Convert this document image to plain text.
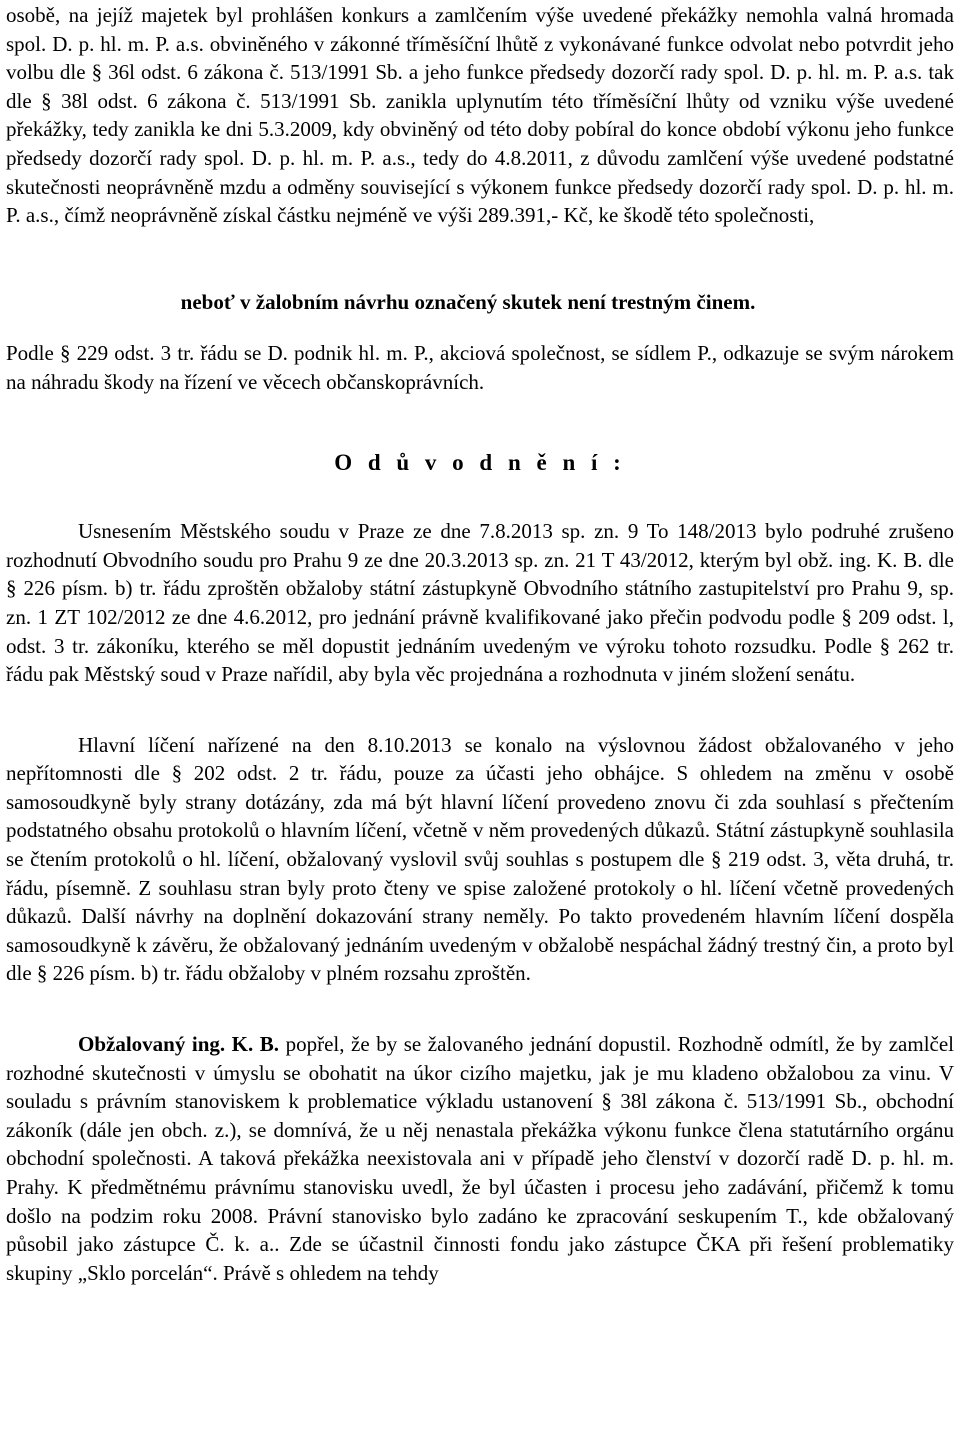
osobě, na jejíž majetek byl prohlášen konkurs a zamlčením výše uvedené překážky nemohla valná hromada spol. D. p. hl. m. P. a.s. obviněného v zákonné tříměsíční lhůtě z vykonávané funkce odvolat nebo potvrdit jeho volbu dle § 36l odst. 6 zákona č. 513/1991 Sb. a jeho funkce předsedy dozorčí rady spol. D. p. hl. m. P. a.s. tak dle § 38l odst. 6 zákona č. 513/1991 Sb. zanikla uplynutím této tříměsíční lhůty od vzniku výše uvedené překážky, tedy zanikla ke dni 5.3.2009, kdy obviněný od této doby pobíral do konce období výkonu jeho funkce předsedy dozorčí rady spol. D. p. hl. m. P. a.s., tedy do 4.8.2011, z důvodu zamlčení výše uvedené podstatné skutečnosti neoprávněně mzdu a odměny související s výkonem funkce předsedy dozorčí rady spol. D. p. hl. m. P. a.s., čímž neoprávněně získal částku nejméně ve výši 289.391,- Kč, ke škodě této společnosti,

neboť v žalobním návrhu označený skutek není trestným činem.

Podle § 229 odst. 3 tr. řádu se D. podnik hl. m. P., akciová společnost, se sídlem P., odkazuje se svým nárokem na náhradu škody na řízení ve věcech občanskoprávních.

O d ů v o d n ě n í :

Usnesením Městského soudu v Praze ze dne 7.8.2013 sp. zn. 9 To 148/2013 bylo podruhé zrušeno rozhodnutí Obvodního soudu pro Prahu 9 ze dne 20.3.2013 sp. zn. 21 T 43/2012, kterým byl obž. ing. K. B. dle § 226 písm. b) tr. řádu zproštěn obžaloby státní zástupkyně Obvodního státního zastupitelství pro Prahu 9, sp. zn. 1 ZT 102/2012 ze dne 4.6.2012, pro jednání právně kvalifikované jako přečin podvodu podle § 209 odst. l, odst. 3 tr. zákoníku, kterého se měl dopustit jednáním uvedeným ve výroku tohoto rozsudku. Podle § 262 tr. řádu pak Městský soud v Praze nařídil, aby byla věc projednána a rozhodnuta v jiném složení senátu.

Hlavní líčení nařízené na den 8.10.2013 se konalo na výslovnou žádost obžalovaného v jeho nepřítomnosti dle § 202 odst. 2 tr. řádu, pouze za účasti jeho obhájce. S ohledem na změnu v osobě samosoudkyně byly strany dotázány, zda má být hlavní líčení provedeno znovu či zda souhlasí s přečtením podstatného obsahu protokolů o hlavním líčení, včetně v něm provedených důkazů. Státní zástupkyně souhlasila se čtením protokolů o hl. líčení, obžalovaný vyslovil svůj souhlas s postupem dle § 219 odst. 3, věta druhá, tr. řádu, písemně. Z souhlasu stran byly proto čteny ve spise založené protokoly o hl. líčení včetně provedených důkazů. Další návrhy na doplnění dokazování strany neměly. Po takto provedeném hlavním líčení dospěla samosoudkyně k závěru, že obžalovaný jednáním uvedeným v obžalobě nespáchal žádný trestný čin, a proto byl dle § 226 písm. b) tr. řádu obžaloby v plném rozsahu zproštěn.

Obžalovaný ing. K. B. popřel, že by se žalovaného jednání dopustil. Rozhodně odmítl, že by zamlčel rozhodné skutečnosti v úmyslu se obohatit na úkor cizího majetku, jak je mu kladeno obžalobou za vinu. V souladu s právním stanoviskem k problematice výkladu ustanovení § 38l zákona č. 513/1991 Sb., obchodní zákoník (dále jen obch. z.), se domnívá, že u něj nenastala překážka výkonu funkce člena statutárního orgánu obchodní společnosti. A taková překážka neexistovala ani v případě jeho členství v dozorčí radě D. p. hl. m. Prahy. K předmětnému právnímu stanovisku uvedl, že byl účasten i procesu jeho zadávání, přičemž k tomu došlo na podzim roku 2008. Právní stanovisko bylo zadáno ke zpracování seskupením T., kde obžalovaný působil jako zástupce Č. k. a.. Zde se účastnil činnosti fondu jako zástupce ČKA při řešení problematiky skupiny „Sklo porcelán“. Právě s ohledem na tehdy
